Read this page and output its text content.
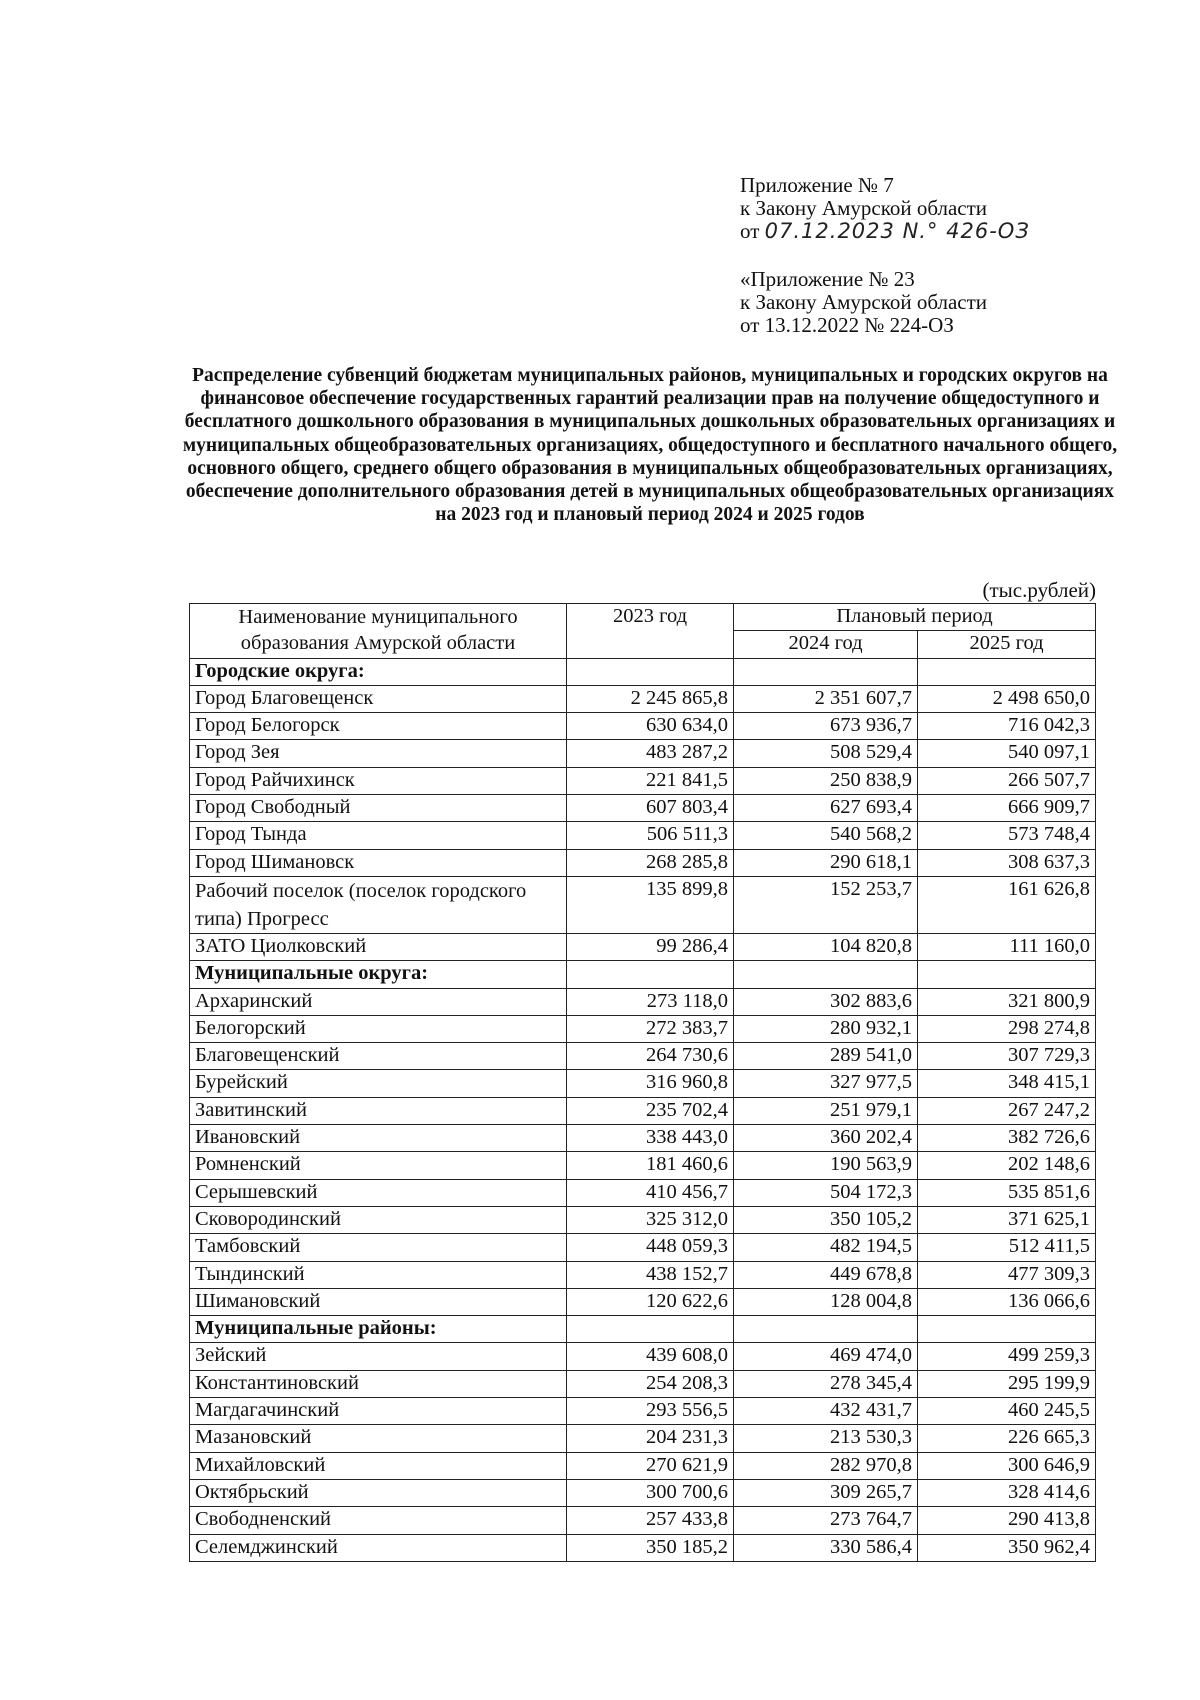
Приложение № 7
к Закону Амурской области
от 07.12.2023 N.° 426-ОЗ
«Приложение № 23
к Закону Амурской области
от 13.12.2022 № 224-ОЗ
Распределение субвенций бюджетам муниципальных районов, муниципальных и городских округов на финансовое обеспечение государственных гарантий реализации прав на получение общедоступного и бесплатного дошкольного образования в муниципальных дошкольных образовательных организациях и муниципальных общеобразовательных организациях, общедоступного и бесплатного начального общего, основного общего, среднего общего образования в муниципальных общеобразовательных организациях, обеспечение дополнительного образования детей в муниципальных общеобразовательных организациях на 2023 год и плановый период 2024 и 2025 годов
(тыс.рублей)
Наименование муниципального образования Амурской области	2023 год	Плановый период	
		2024 год	2025 год
Городские округа:			
Город Благовещенск	2 245 865,8	2 351 607,7	2 498 650,0
Город Белогорск	630 634,0	673 936,7	716 042,3
Город Зея	483 287,2	508 529,4	540 097,1
Город Райчихинск	221 841,5	250 838,9	266 507,7
Город Свободный	607 803,4	627 693,4	666 909,7
Город Тында	506 511,3	540 568,2	573 748,4
Город Шимановск	268 285,8	290 618,1	308 637,3
Рабочий поселок (поселок городского типа) Прогресс	135 899,8	152 253,7	161 626,8
ЗАТО Циолковский	99 286,4	104 820,8	111 160,0
Муниципальные округа:			
Архаринский	273 118,0	302 883,6	321 800,9
Белогорский	272 383,7	280 932,1	298 274,8
Благовещенский	264 730,6	289 541,0	307 729,3
Бурейский	316 960,8	327 977,5	348 415,1
Завитинский	235 702,4	251 979,1	267 247,2
Ивановский	338 443,0	360 202,4	382 726,6
Ромненский	181 460,6	190 563,9	202 148,6
Серышевский	410 456,7	504 172,3	535 851,6
Сковородинский	325 312,0	350 105,2	371 625,1
Тамбовский	448 059,3	482 194,5	512 411,5
Тындинский	438 152,7	449 678,8	477 309,3
Шимановский	120 622,6	128 004,8	136 066,6
Муниципальные районы:			
Зейский	439 608,0	469 474,0	499 259,3
Константиновский	254 208,3	278 345,4	295 199,9
Магдагачинский	293 556,5	432 431,7	460 245,5
Мазановский	204 231,3	213 530,3	226 665,3
Михайловский	270 621,9	282 970,8	300 646,9
Октябрьский	300 700,6	309 265,7	328 414,6
Свободненский	257 433,8	273 764,7	290 413,8
Селемджинский	350 185,2	330 586,4	350 962,4
